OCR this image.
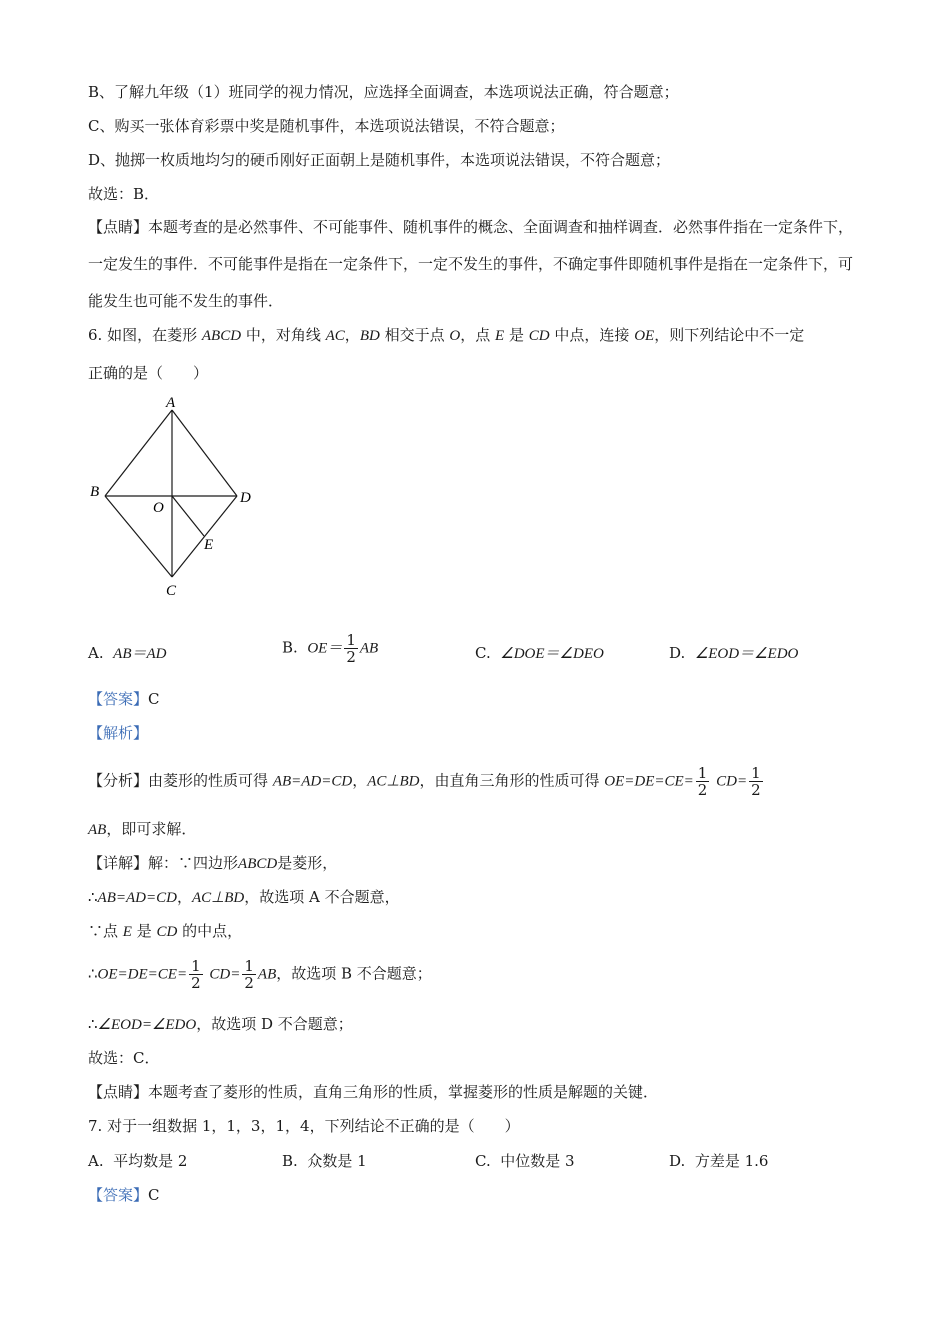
B、了解九年级（1）班同学的视力情况，应选择全面调查，本选项说法正确，符合题意；
C、购买一张体育彩票中奖是随机事件，本选项说法错误，不符合题意；
D、抛掷一枚质地均匀的硬币刚好正面朝上是随机事件，本选项说法错误，不符合题意；
故选：B．
【点睛】本题考查的是必然事件、不可能事件、随机事件的概念、全面调查和抽样调查．必然事件指在一定条件下，一定发生的事件．不可能事件是指在一定条件下，一定不发生的事件，不确定事件即随机事件是指在一定条件下，可能发生也可能不发生的事件．
6. 如图，在菱形 ABCD 中，对角线 AC，BD 相交于点 O，点 E 是 CD 中点，连接 OE，则下列结论中不一定
正确的是（　　）
A
B	D
O
E
C
A. AB＝AD	B. $OE= \frac{1}{2}$ AB	C. ∠DOE＝∠DEO	D. ∠EOD＝∠EDO
【答案】C
【解析】
【分析】由菱形的性质可得 AB=AD=CD，AC⊥BD，由直角三角形的性质可得 $OE=DE=CE= \frac{1}{2} CD= \frac{1}{2}$
AB，即可求解．
【详解】解：∵四边形ABCD是菱形，
∴AB=AD=CD，AC⊥BD，故选项 A 不合题意，
∵点 E 是 CD 的中点，
∴OE=DE=CE= $\frac{1}{2} CD= \frac{1}{2}$ AB，故选项 B 不合题意；
∴∠EOD=∠EDO，故选项 D 不合题意；
故选：C．
【点睛】本题考查了菱形的性质，直角三角形的性质，掌握菱形的性质是解题的关键．
7. 对于一组数据 1，1，3，1，4，下列结论不正确的是（　　）
A. 平均数是 2	B. 众数是 1	C. 中位数是 3	D. 方差是 1.6
【答案】C
